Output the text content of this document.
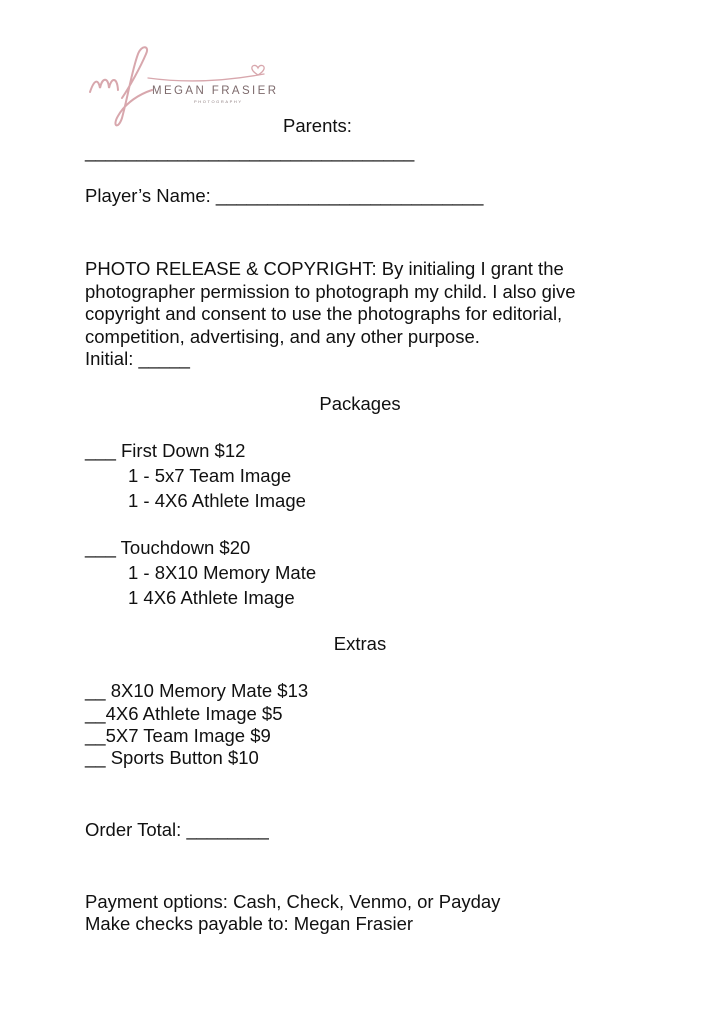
MEGAN FRASIER
PHOTOGRAPHY
Parents:
________________________________
Player’s Name: __________________________
PHOTO RELEASE & COPYRIGHT: By initialing I grant the
photographer permission to photograph my child. I also give
copyright and consent to use the photographs for editorial,
competition, advertising, and any other purpose.
Initial: _____
Packages
___ First Down $12
1 - 5x7 Team Image
1 - 4X6 Athlete Image
___ Touchdown $20
1 - 8X10 Memory Mate
1 4X6 Athlete Image
Extras
__ 8X10 Memory Mate $13
__4X6 Athlete Image $5
__5X7 Team Image $9
__ Sports Button $10
Order Total: ________
Payment options: Cash, Check, Venmo, or Payday
Make checks payable to: Megan Frasier
